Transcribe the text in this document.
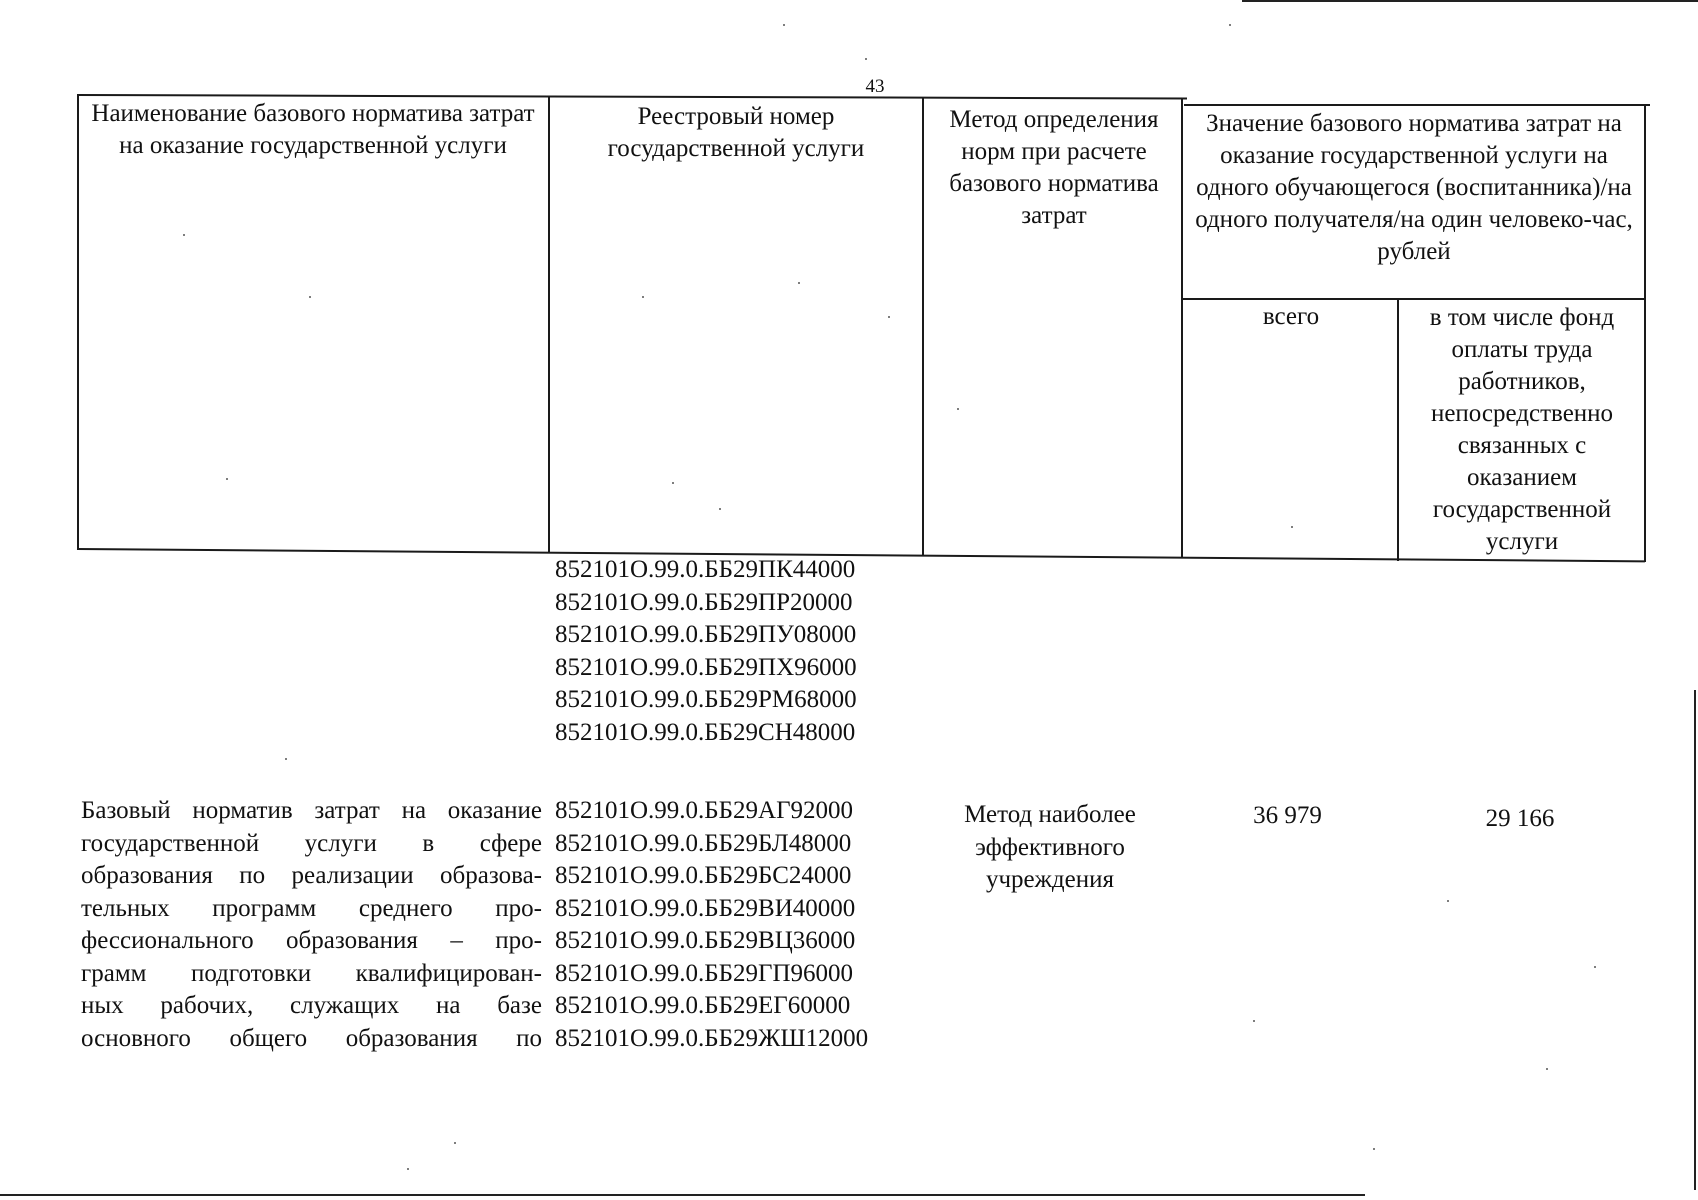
43
Наименование базового норматива затрат на оказание государственной услуги
Реестровый номер государственной услуги
Метод определения норм при расчете базового норматива затрат
Значение базового норматива затрат на оказание государственной услуги на одного обучающегося (воспитанника)/на одного получателя/на один человеко-час, рублей
всего	в том числе фонд оплаты труда работников, непосредственно связанных с оказанием государственной услуги
852101О.99.0.ББ29ПК44000
852101О.99.0.ББ29ПР20000
852101О.99.0.ББ29ПУ08000
852101О.99.0.ББ29ПХ96000
852101О.99.0.ББ29РМ68000
852101О.99.0.ББ29СН48000
Базовый норматив затрат на оказание
государственной услуги в сфере
образования по реализации образова-
тельных программ среднего про-
фессионального образования – про-
грамм подготовки квалифицирован-
ных рабочих, служащих на базе
основного общего образования по
852101О.99.0.ББ29АГ92000
852101О.99.0.ББ29БЛ48000
852101О.99.0.ББ29БС24000
852101О.99.0.ББ29ВИ40000
852101О.99.0.ББ29ВЦ36000
852101О.99.0.ББ29ГП96000
852101О.99.0.ББ29ЕГ60000
852101О.99.0.ББ29ЖШ12000
Метод наиболее эффективного учреждения
36 979	29 166
